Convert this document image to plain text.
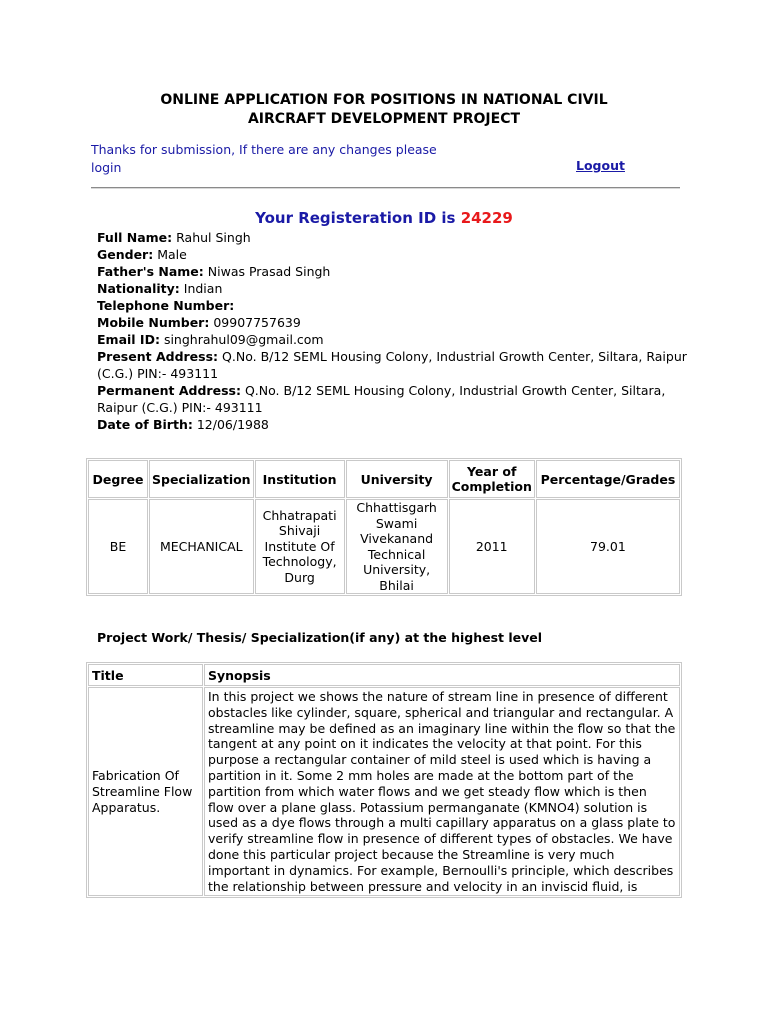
ONLINE APPLICATION FOR POSITIONS IN NATIONAL CIVIL
AIRCRAFT DEVELOPMENT PROJECT
Thanks for submission, If there are any changes please login	Logout
Your Registeration ID is 24229
Full Name: Rahul Singh
Gender: Male
Father's Name: Niwas Prasad Singh
Nationality: Indian
Telephone Number:
Mobile Number: 09907757639
Email ID: singhrahul09@gmail.com
Present Address: Q.No. B/12 SEML Housing Colony, Industrial Growth Center, Siltara, Raipur (C.G.) PIN:- 493111
Permanent Address: Q.No. B/12 SEML Housing Colony, Industrial Growth Center, Siltara, Raipur (C.G.) PIN:- 493111
Date of Birth: 12/06/1988
Degree	Specialization	Institution	University	Year of Completion	Percentage/Grades
BE	MECHANICAL	Chhatrapati Shivaji Institute Of Technology, Durg	Chhattisgarh Swami Vivekanand Technical University, Bhilai	2011	79.01
Project Work/ Thesis/ Specialization(if any) at the highest level
Title	Synopsis
Fabrication Of Streamline Flow Apparatus.	In this project we shows the nature of stream line in presence of different obstacles like cylinder, square, spherical and triangular and rectangular. A streamline may be defined as an imaginary line within the flow so that the tangent at any point on it indicates the velocity at that point. For this purpose a rectangular container of mild steel is used which is having a partition in it. Some 2 mm holes are made at the bottom part of the partition from which water flows and we get steady flow which is then flow over a plane glass. Potassium permanganate (KMNO4) solution is used as a dye flows through a multi capillary apparatus on a glass plate to verify streamline flow in presence of different types of obstacles. We have done this particular project because the Streamline is very much important in dynamics. For example, Bernoulli's principle, which describes the relationship between pressure and velocity in an inviscid fluid, is
